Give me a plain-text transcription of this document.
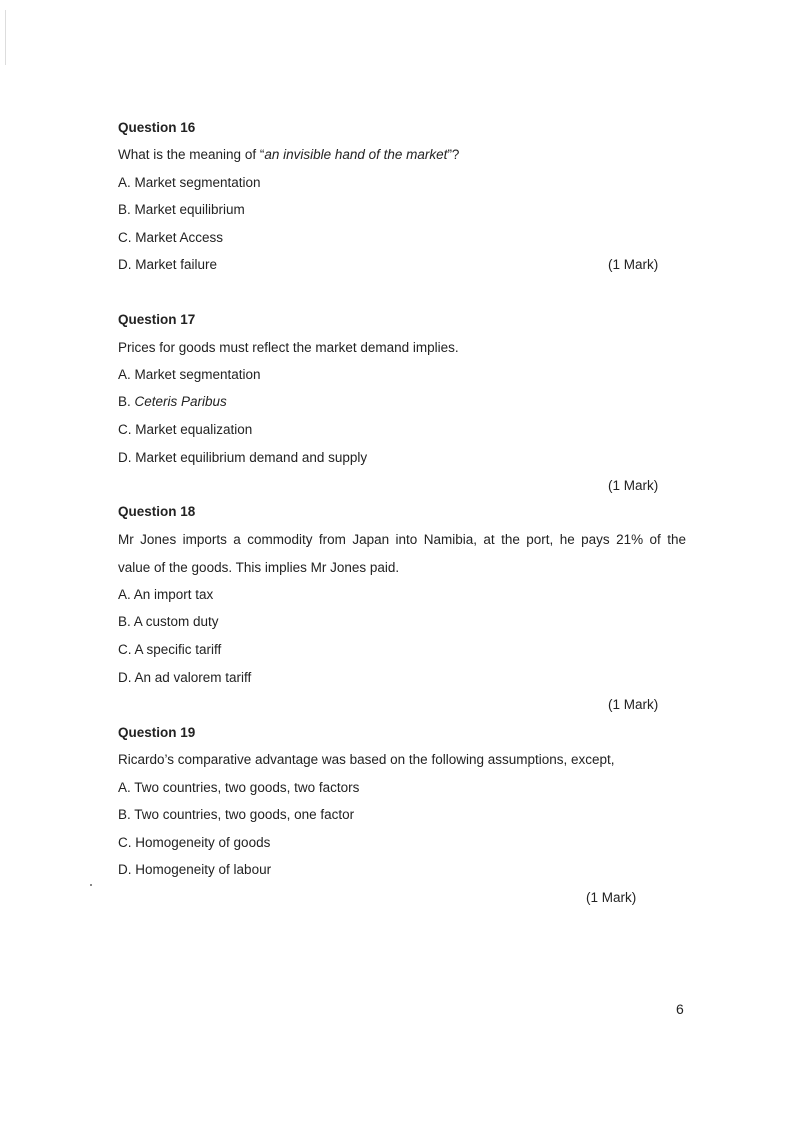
Question 16
What is the meaning of “an invisible hand of the market”?
A. Market segmentation
B. Market equilibrium
C. Market Access
D. Market failure	(1 Mark)
Question 17
Prices for goods must reflect the market demand implies.
A. Market segmentation
B. Ceteris Paribus
C. Market equalization
D. Market equilibrium demand and supply
(1 Mark)
Question 18
Mr Jones imports a commodity from Japan into Namibia, at the port, he pays 21% of the
value of the goods. This implies Mr Jones paid.
A. An import tax
B. A custom duty
C. A specific tariff
D. An ad valorem tariff
(1 Mark)
Question 19
Ricardo’s comparative advantage was based on the following assumptions, except,
A. Two countries, two goods, two factors
B. Two countries, two goods, one factor
C. Homogeneity of goods
D. Homogeneity of labour
(1 Mark)
6
